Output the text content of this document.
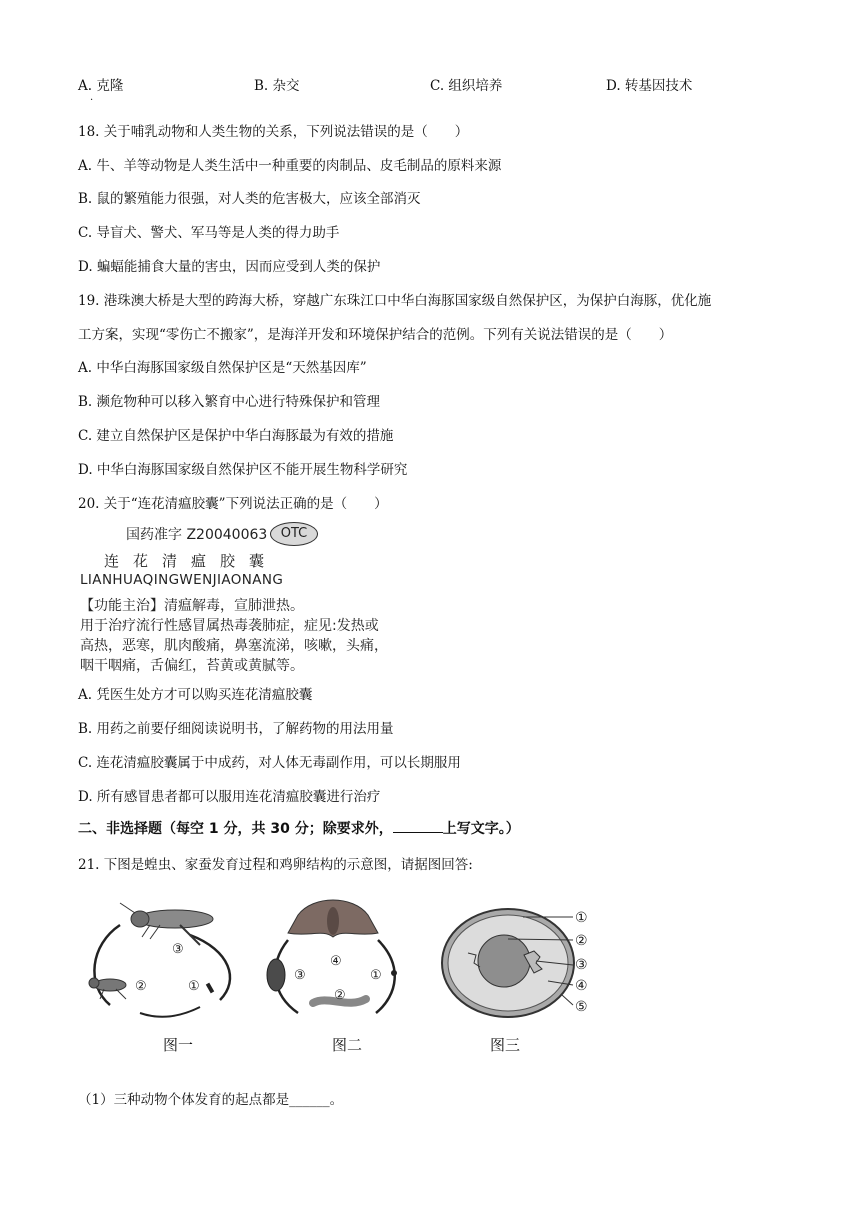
A. 克隆
.
B. 杂交	C. 组织培养	D. 转基因技术
18. 关于哺乳动物和人类生物的关系，下列说法错误的是（　　）
A. 牛、羊等动物是人类生活中一种重要的肉制品、皮毛制品的原料来源
B. 鼠的繁殖能力很强，对人类的危害极大，应该全部消灭
C. 导盲犬、警犬、军马等是人类的得力助手
D. 蝙蝠能捕食大量的害虫，因而应受到人类的保护
19. 港珠澳大桥是大型的跨海大桥，穿越广东珠江口中华白海豚国家级自然保护区，为保护白海豚，优化施
工方案，实现“零伤亡不搬家”，是海洋开发和环境保护结合的范例。下列有关说法错误的是（　　）
A. 中华白海豚国家级自然保护区是“天然基因库”
B. 濒危物种可以移入繁育中心进行特殊保护和管理
C. 建立自然保护区是保护中华白海豚最为有效的措施
D. 中华白海豚国家级自然保护区不能开展生物科学研究
20. 关于“连花清瘟胶囊”下列说法正确的是（　　）
国药准字 Z20040063	OTC
连花清瘟胶囊
LIANHUAQINGWENJIAONANG
【功能主治】清瘟解毒，宣肺泄热。
用于治疗流行性感冒属热毒袭肺症，症见:发热或
高热，恶寒，肌肉酸痛，鼻塞流涕，咳嗽，头痛，
咽干咽痛，舌偏红，苔黄或黄腻等。
A. 凭医生处方才可以购买连花清瘟胶囊
B. 用药之前要仔细阅读说明书，了解药物的用法用量
C. 连花清瘟胶囊属于中成药，对人体无毒副作用，可以长期服用
D. 所有感冒患者都可以服用连花清瘟胶囊进行治疗
二、非选择题（每空 1 分，共 30 分；除要求外，	上写文字。）
21. 下图是蝗虫、家蚕发育过程和鸡卵结构的示意图，请据图回答:
③
②	①
④
③	①
②
①
②
③
④
⑤
图一	图二	图三
（1）三种动物个体发育的起点都是______。
